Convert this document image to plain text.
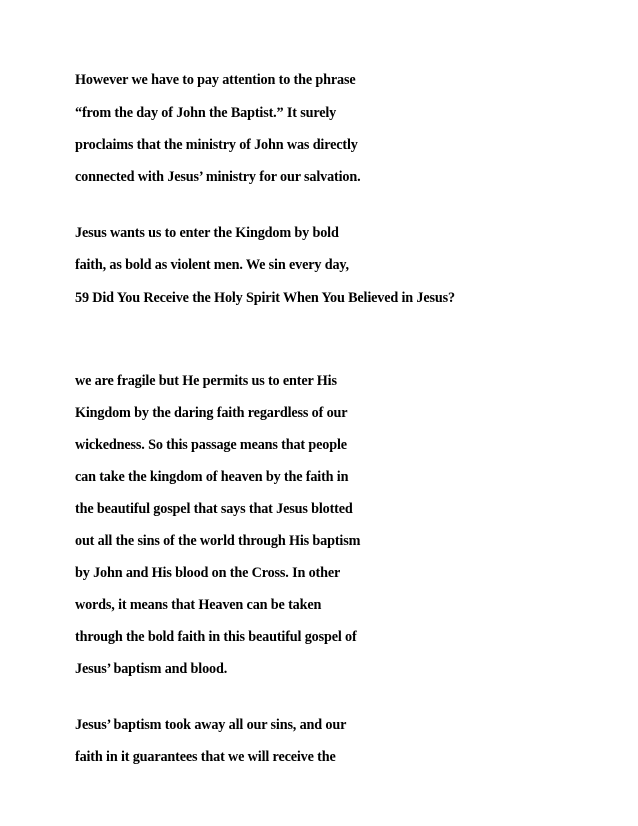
However we have to pay attention to the phrase
“from the day of John the Baptist.” It surely
proclaims that the ministry of John was directly
connected with Jesus’ ministry for our salvation.
Jesus wants us to enter the Kingdom by bold
faith, as bold as violent men. We sin every day,
59 Did You Receive the Holy Spirit When You Believed in Jesus?
we are fragile but He permits us to enter His
Kingdom by the daring faith regardless of our
wickedness. So this passage means that people
can take the kingdom of heaven by the faith in
the beautiful gospel that says that Jesus blotted
out all the sins of the world through His baptism
by John and His blood on the Cross. In other
words, it means that Heaven can be taken
through the bold faith in this beautiful gospel of
Jesus’ baptism and blood.
Jesus’ baptism took away all our sins, and our
faith in it guarantees that we will receive the
